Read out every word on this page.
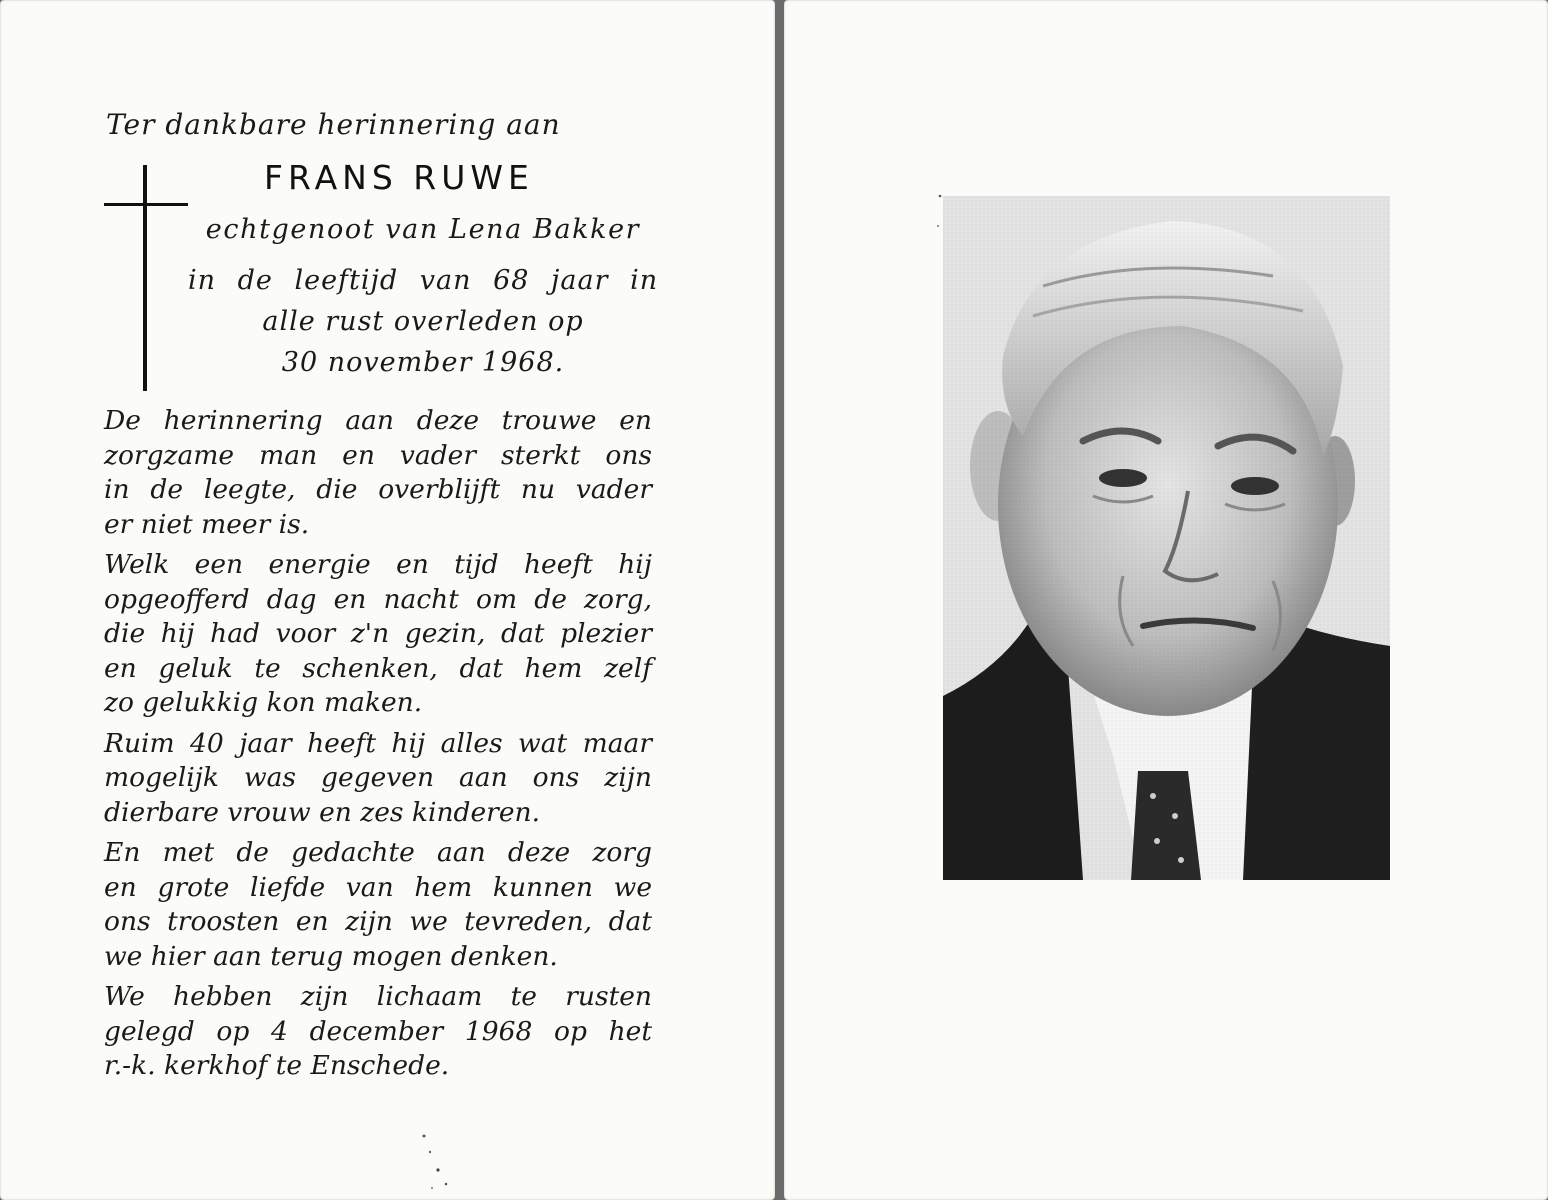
Ter dankbare herinnering aan
FRANS RUWE
echtgenoot van Lena Bakker
in de leeftijd van 68 jaar in
alle rust overleden op
30 november 1968.
De herinnering aan deze trouwe en
zorgzame man en vader sterkt ons
in de leegte, die overblijft nu vader
er niet meer is.
Welk een energie en tijd heeft hij
opgeofferd dag en nacht om de zorg,
die hij had voor z'n gezin, dat plezier
en geluk te schenken, dat hem zelf
zo gelukkig kon maken.
Ruim 40 jaar heeft hij alles wat maar
mogelijk was gegeven aan ons zijn
dierbare vrouw en zes kinderen.
En met de gedachte aan deze zorg
en grote liefde van hem kunnen we
ons troosten en zijn we tevreden, dat
we hier aan terug mogen denken.
We hebben zijn lichaam te rusten
gelegd op 4 december 1968 op het
r.-k. kerkhof te Enschede.
